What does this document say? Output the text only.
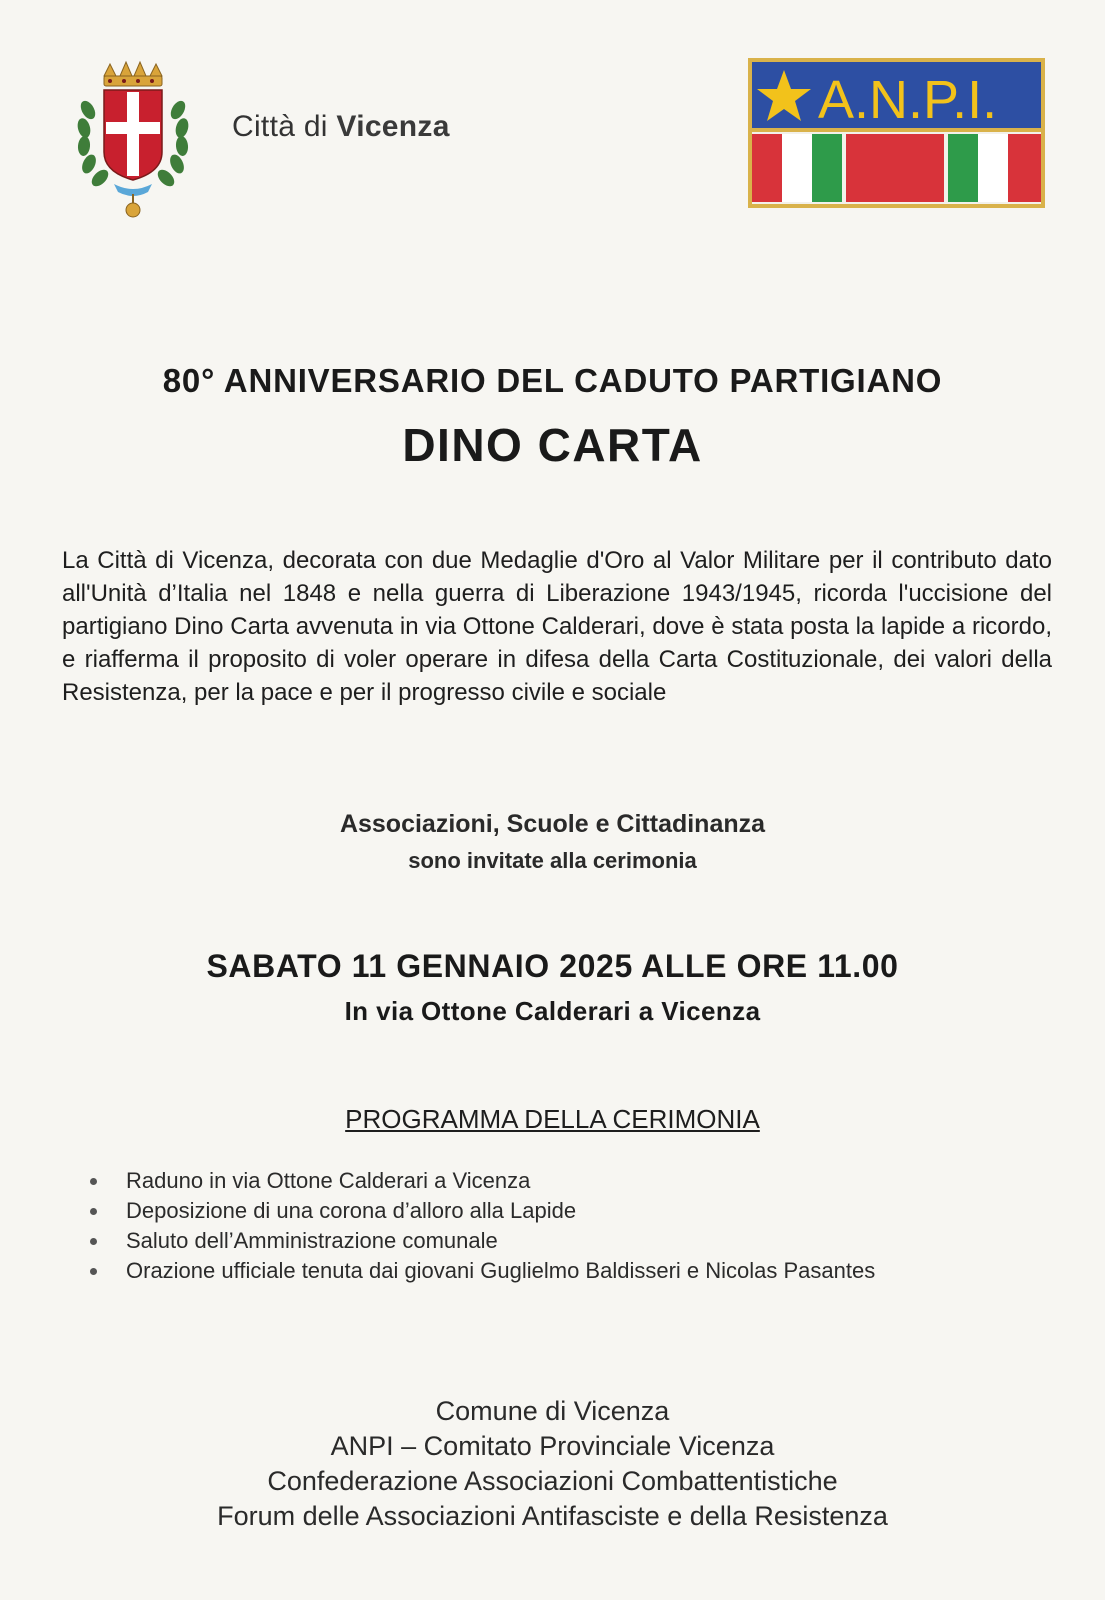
Città di Vicenza	A.N.P.I.
80° ANNIVERSARIO DEL CADUTO PARTIGIANO
DINO CARTA
La Città di Vicenza, decorata con due Medaglie d'Oro al Valor Militare per il contributo dato all'Unità d’Italia nel 1848 e nella guerra di Liberazione 1943/1945, ricorda l'uccisione del partigiano Dino Carta avvenuta in via Ottone Calderari, dove è stata posta la lapide a ricordo, e riafferma il proposito di voler operare in difesa della Carta Costituzionale, dei valori della Resistenza, per la pace e per il progresso civile e sociale
Associazioni, Scuole e Cittadinanza
sono invitate alla cerimonia
SABATO 11 GENNAIO 2025 ALLE ORE 11.00
In via Ottone Calderari a Vicenza
PROGRAMMA DELLA CERIMONIA
Raduno in via Ottone Calderari a Vicenza
Deposizione di una corona d’alloro alla Lapide
Saluto dell’Amministrazione comunale
Orazione ufficiale tenuta dai giovani Guglielmo Baldisseri e Nicolas Pasantes
Comune di Vicenza
ANPI – Comitato Provinciale Vicenza
Confederazione Associazioni Combattentistiche
Forum delle Associazioni Antifasciste e della Resistenza
